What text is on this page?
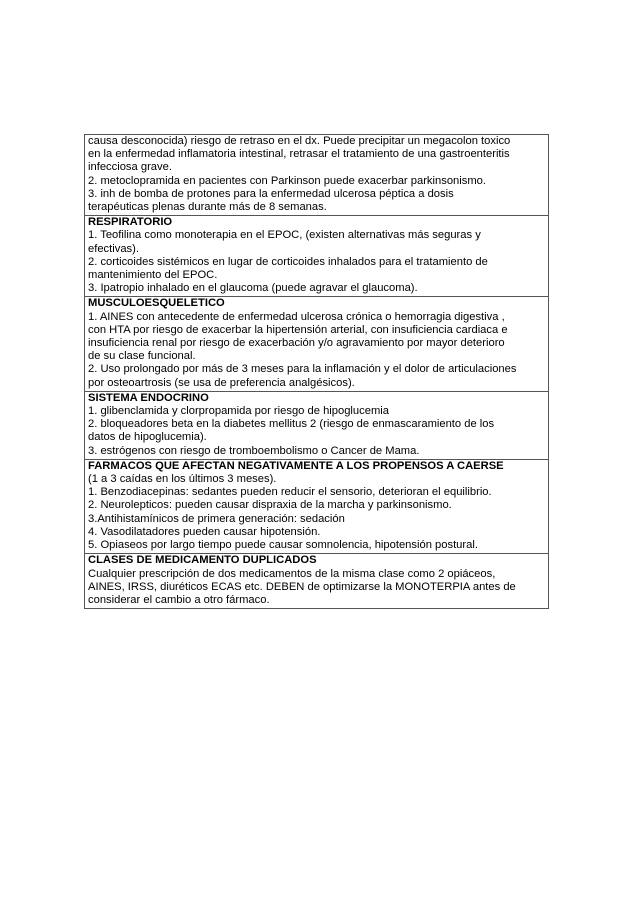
causa desconocida) riesgo de retraso en el dx. Puede precipitar un megacolon toxico
en la enfermedad inflamatoria intestinal, retrasar el tratamiento de una gastroenteritis
infecciosa grave.
2. metoclopramida en pacientes con Parkinson puede exacerbar parkinsonismo.
3. inh de bomba de protones para la enfermedad ulcerosa péptica a dosis
terapéuticas plenas durante más de 8 semanas.

RESPIRATORIO
1. Teofilina como monoterapia en el EPOC, (existen alternativas más seguras y
efectivas).
2. corticoides sistémicos en lugar de corticoides inhalados para el tratamiento de
mantenimiento del EPOC.
3. Ipatropio inhalado en el glaucoma (puede agravar el glaucoma).

MUSCULOESQUELETICO
1. AINES con antecedente de enfermedad ulcerosa crónica o hemorragia digestiva ,
con HTA por riesgo de exacerbar la hipertensión arterial, con insuficiencia cardiaca e
insuficiencia renal por riesgo de exacerbación y/o agravamiento por mayor deterioro
de su clase funcional.
2. Uso prolongado por más de 3 meses para la inflamación y el dolor de articulaciones
por osteoartrosis (se usa de preferencia analgésicos).

SISTEMA ENDOCRINO
1. glibenclamida y clorpropamida por riesgo de hipoglucemia
2. bloqueadores beta en la diabetes mellitus 2 (riesgo de enmascaramiento de los
datos de hipoglucemia).
3. estrógenos con riesgo de tromboembolismo o Cancer de Mama.

FARMACOS QUE AFECTAN NEGATIVAMENTE A LOS PROPENSOS A CAERSE
(1 a 3 caídas en los últimos 3 meses).
1. Benzodiacepinas: sedantes pueden reducir el sensorio, deterioran el equilibrio.
2. Neurolepticos: pueden causar dispraxia de la marcha y parkinsonismo.
3.Antihistamínicos de primera generación: sedación
4. Vasodilatadores pueden causar hipotensión.
5. Opiaseos por largo tiempo puede causar somnolencia, hipotensión postural.

CLASES DE MEDICAMENTO DUPLICADOS
Cualquier prescripción de dos medicamentos de la misma clase como 2 opiáceos,
AINES, IRSS, diuréticos ECAS etc. DEBEN de optimizarse la MONOTERPIA antes de
considerar el cambio a otro fármaco.
